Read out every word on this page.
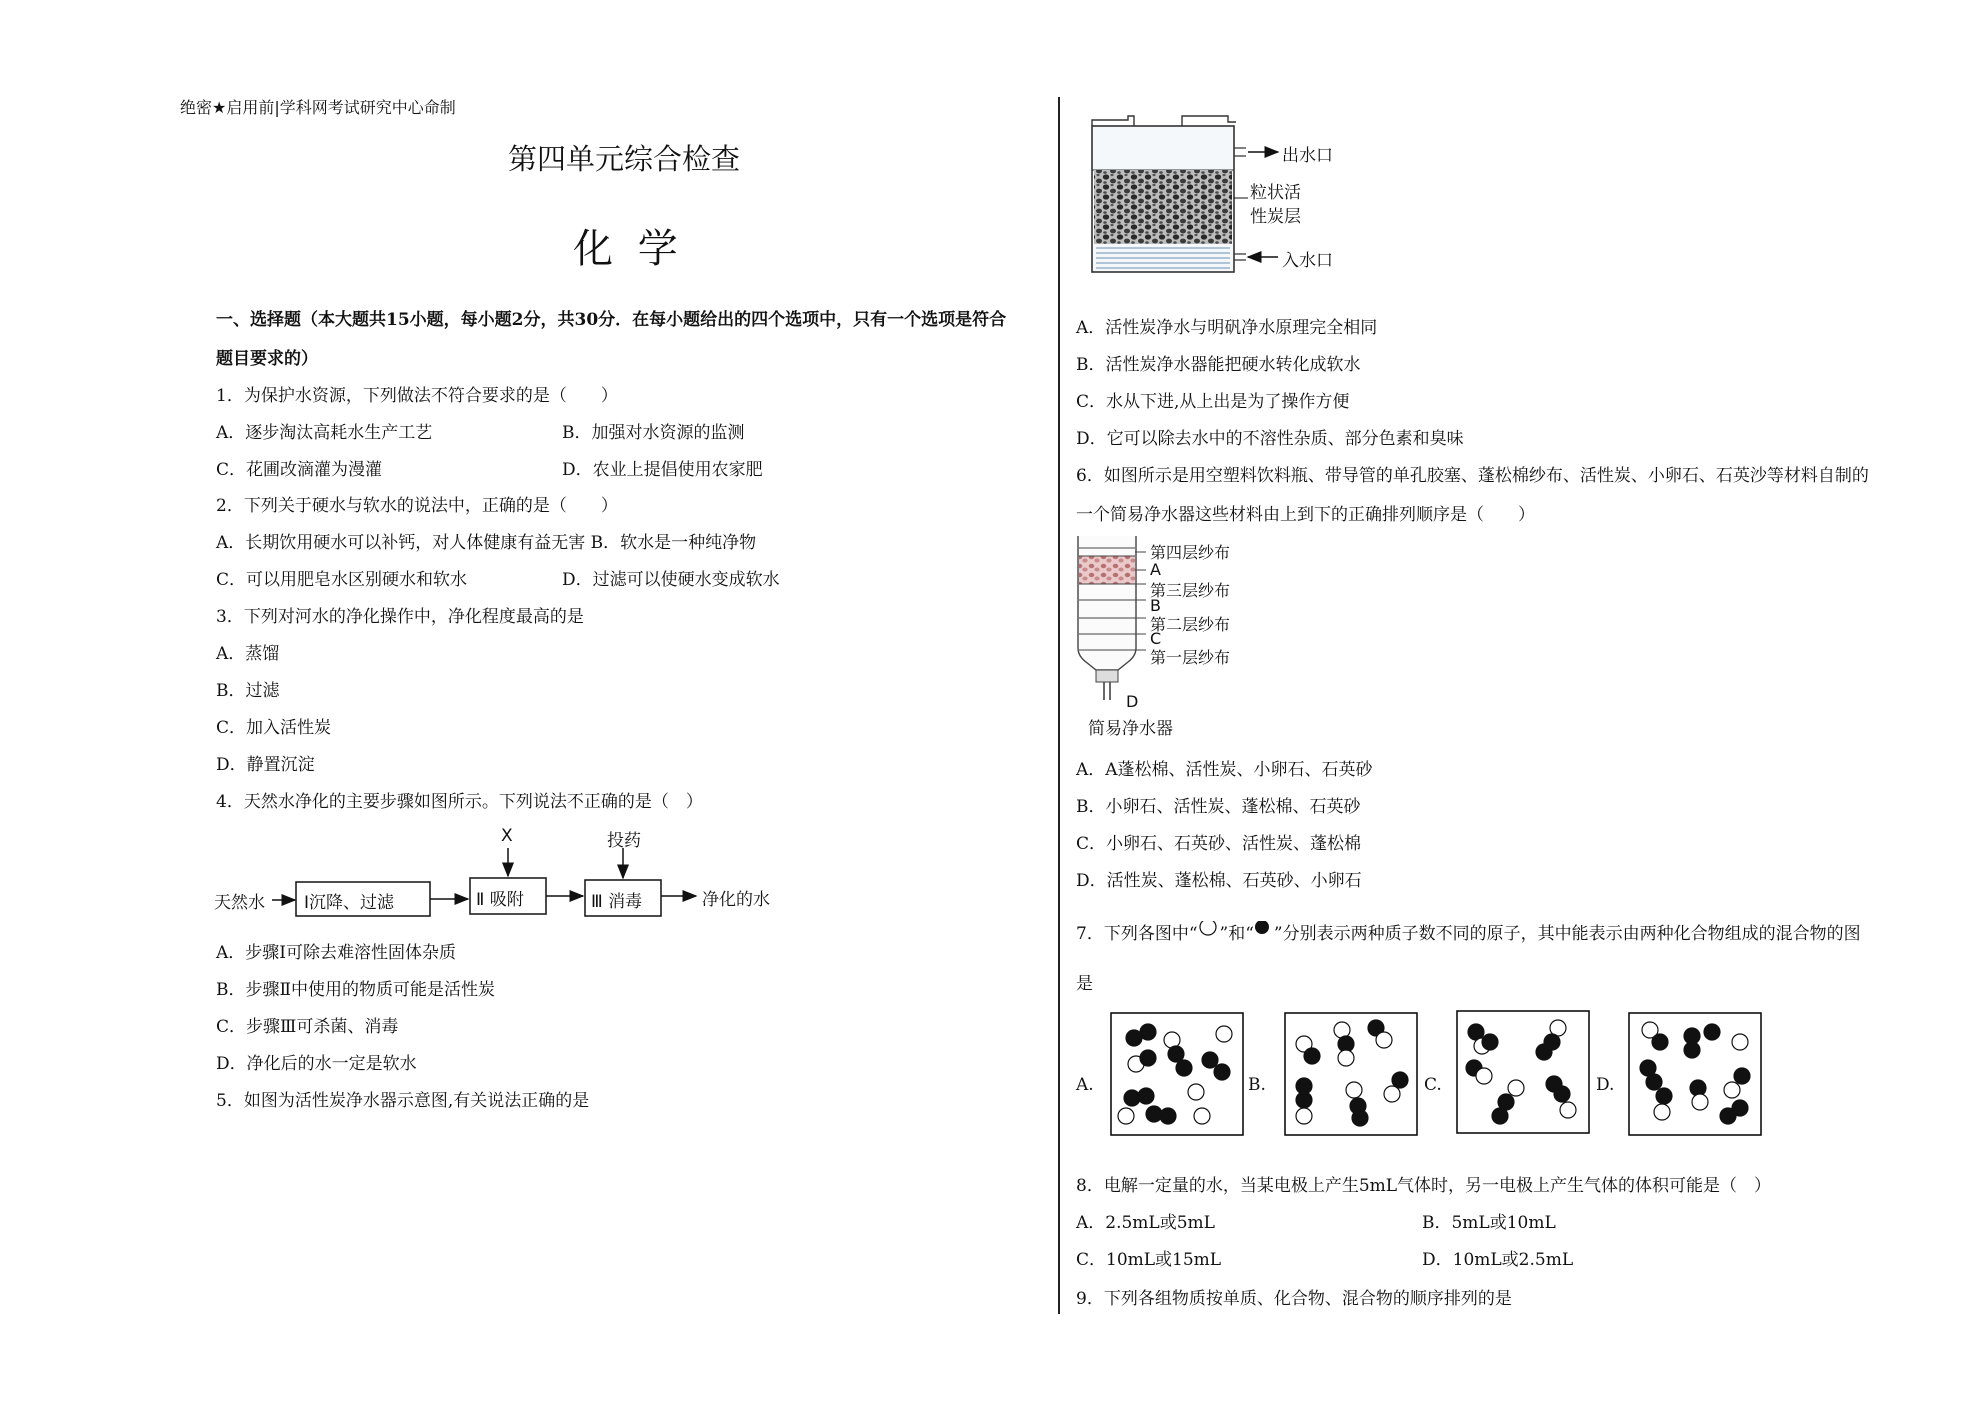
绝密★启用前|学科网考试研究中心命制
第四单元综合检查
化 学
一、选择题（本大题共15小题，每小题2分，共30分．在每小题给出的四个选项中，只有一个选项是符合
题目要求的）
1．为保护水资源，下列做法不符合要求的是（　　）
A．逐步淘汰高耗水生产工艺	B．加强对水资源的监测
C．花圃改滴灌为漫灌	D．农业上提倡使用农家肥
2．下列关于硬水与软水的说法中，正确的是（　　）
A．长期饮用硬水可以补钙，对人体健康有益无害 B．软水是一种纯净物
C．可以用肥皂水区别硬水和软水	D．过滤可以使硬水变成软水
3．下列对河水的净化操作中，净化程度最高的是
A．蒸馏
B．过滤
C．加入活性炭
D．静置沉淀
4．天然水净化的主要步骤如图所示。下列说法不正确的是（　）
天然水 Ⅰ沉降、过滤	Ⅱ 吸附	Ⅲ 消毒	净化的水
X	投药
A．步骤Ⅰ可除去难溶性固体杂质
B．步骤Ⅱ中使用的物质可能是活性炭
C．步骤Ⅲ可杀菌、消毒
D．净化后的水一定是软水
5．如图为活性炭净水器示意图,有关说法正确的是
出水口
粒状活
性炭层
入水口
A．活性炭净水与明矾净水原理完全相同
B．活性炭净水器能把硬水转化成软水
C．水从下进,从上出是为了操作方便
D．它可以除去水中的不溶性杂质、部分色素和臭味
6．如图所示是用空塑料饮料瓶、带导管的单孔胶塞、蓬松棉纱布、活性炭、小卵石、石英沙等材料自制的
一个简易净水器这些材料由上到下的正确排列顺序是（　　）
第四层纱布
A
第三层纱布
B
第二层纱布
C
第一层纱布
D
简易净水器
A．A蓬松棉、活性炭、小卵石、石英砂
B．小卵石、活性炭、蓬松棉、石英砂
C．小卵石、石英砂、活性炭、蓬松棉
D．活性炭、蓬松棉、石英砂、小卵石
7．下列各图中“ ”和“ ”分别表示两种质子数不同的原子，其中能表示由两种化合物组成的混合物的图
是
A.	B.	C.	D.
8．电解一定量的水，当某电极上产生5mL气体时，另一电极上产生气体的体积可能是（　）
A．2.5mL或5mL	B．5mL或10mL
C．10mL或15mL	D．10mL或2.5mL
9．下列各组物质按单质、化合物、混合物的顺序排列的是
